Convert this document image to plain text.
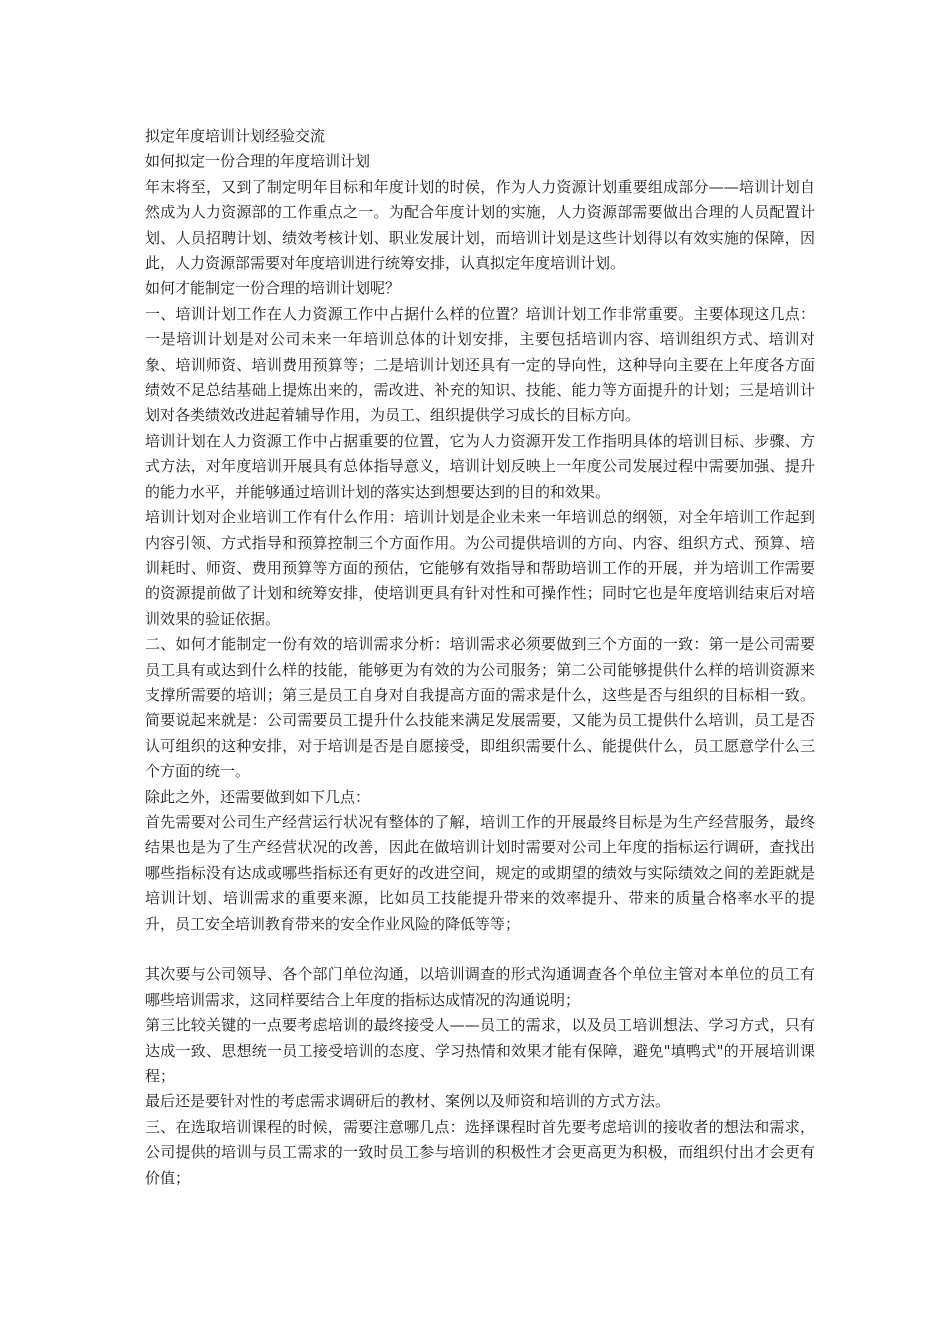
拟定年度培训计划经验交流

如何拟定一份合理的年度培训计划

年末将至，又到了制定明年目标和年度计划的时侯，作为人力资源计划重要组成部分——培训计划自然成为人力资源部的工作重点之一。为配合年度计划的实施，人力资源部需要做出合理的人员配置计划、人员招聘计划、绩效考核计划、职业发展计划，而培训计划是这些计划得以有效实施的保障，因此，人力资源部需要对年度培训进行统筹安排，认真拟定年度培训计划。

如何才能制定一份合理的培训计划呢？

一、培训计划工作在人力资源工作中占据什么样的位置？培训计划工作非常重要。主要体现这几点：一是培训计划是对公司未来一年培训总体的计划安排，主要包括培训内容、培训组织方式、培训对象、培训师资、培训费用预算等；二是培训计划还具有一定的导向性，这种导向主要在上年度各方面绩效不足总结基础上提炼出来的，需改进、补充的知识、技能、能力等方面提升的计划；三是培训计划对各类绩效改进起着辅导作用，为员工、组织提供学习成长的目标方向。

培训计划在人力资源工作中占据重要的位置，它为人力资源开发工作指明具体的培训目标、步骤、方式方法，对年度培训开展具有总体指导意义，培训计划反映上一年度公司发展过程中需要加强、提升的能力水平，并能够通过培训计划的落实达到想要达到的目的和效果。

培训计划对企业培训工作有什么作用：培训计划是企业未来一年培训总的纲领，对全年培训工作起到内容引领、方式指导和预算控制三个方面作用。为公司提供培训的方向、内容、组织方式、预算、培训耗时、师资、费用预算等方面的预估，它能够有效指导和帮助培训工作的开展，并为培训工作需要的资源提前做了计划和统筹安排，使培训更具有针对性和可操作性；同时它也是年度培训结束后对培训效果的验证依据。

二、如何才能制定一份有效的培训需求分析：培训需求必须要做到三个方面的一致：第一是公司需要员工具有或达到什么样的技能，能够更为有效的为公司服务；第二公司能够提供什么样的培训资源来支撑所需要的培训；第三是员工自身对自我提高方面的需求是什么，这些是否与组织的目标相一致。简要说起来就是：公司需要员工提升什么技能来满足发展需要，又能为员工提供什么培训，员工是否认可组织的这种安排，对于培训是否是自愿接受，即组织需要什么、能提供什么，员工愿意学什么三个方面的统一。

除此之外，还需要做到如下几点：

首先需要对公司生产经营运行状况有整体的了解，培训工作的开展最终目标是为生产经营服务，最终结果也是为了生产经营状况的改善，因此在做培训计划时需要对公司上年度的指标运行调研，查找出哪些指标没有达成或哪些指标还有更好的改进空间，规定的或期望的绩效与实际绩效之间的差距就是培训计划、培训需求的重要来源，比如员工技能提升带来的效率提升、带来的质量合格率水平的提升，员工安全培训教育带来的安全作业风险的降低等等；

其次要与公司领导、各个部门单位沟通，以培训调查的形式沟通调查各个单位主管对本单位的员工有哪些培训需求，这同样要结合上年度的指标达成情况的沟通说明；

第三比较关键的一点要考虑培训的最终接受人——员工的需求，以及员工培训想法、学习方式，只有达成一致、思想统一员工接受培训的态度、学习热情和效果才能有保障，避免"填鸭式"的开展培训课程；

最后还是要针对性的考虑需求调研后的教材、案例以及师资和培训的方式方法。

三、在选取培训课程的时候，需要注意哪几点：选择课程时首先要考虑培训的接收者的想法和需求，公司提供的培训与员工需求的一致时员工参与培训的积极性才会更高更为积极，而组织付出才会更有价值；
